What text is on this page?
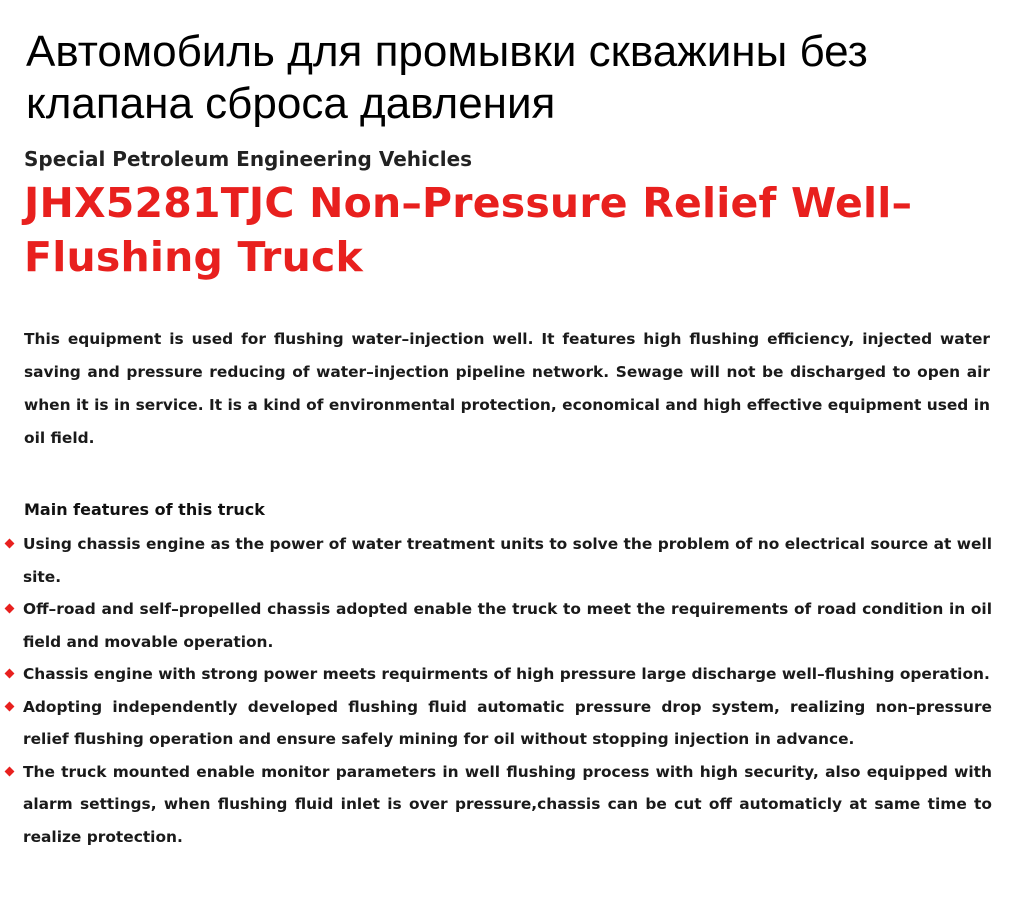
Автомобиль для промывки скважины без клапана сброса давления
Special Petroleum Engineering Vehicles
JHX5281TJC Non–Pressure Relief Well–Flushing Truck

This equipment is used for flushing water–injection well. It features high flushing efficiency, injected water saving and pressure reducing of water–injection pipeline network. Sewage will not be discharged to open air when it is in service. It is a kind of environmental protection, economical and high effective equipment used in oil field.

Main features of this truck
Using chassis engine as the power of water treatment units to solve the problem of no electrical source at well site.
Off–road and self–propelled chassis adopted enable the truck to meet the requirements of road condition in oil field and movable operation.
Chassis engine with strong power meets requirments of high pressure large discharge well–flushing operation.
Adopting independently developed flushing fluid automatic pressure drop system, realizing non–pressure relief flushing operation and ensure safely mining for oil without stopping injection in advance.
The truck mounted enable monitor parameters in well flushing process with high security, also equipped with alarm settings, when flushing fluid inlet is over pressure,chassis can be cut off automaticly at same time to realize protection.
